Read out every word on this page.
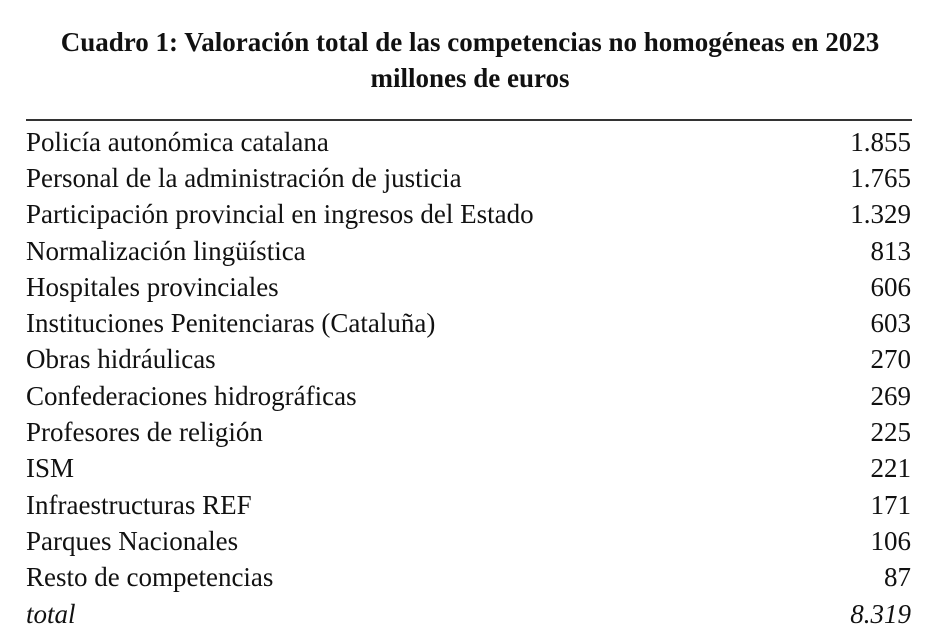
Cuadro 1: Valoración total de las competencias no homogéneas en 2023
millones de euros
Policía autonómica catalana	1.855
Personal de la administración de justicia	1.765
Participación provincial en ingresos del Estado	1.329
Normalización lingüística	813
Hospitales provinciales	606
Instituciones Penitenciaras (Cataluña)	603
Obras hidráulicas	270
Confederaciones hidrográficas	269
Profesores de religión	225
ISM	221
Infraestructuras REF	171
Parques Nacionales	106
Resto de competencias	87
total	8.319
